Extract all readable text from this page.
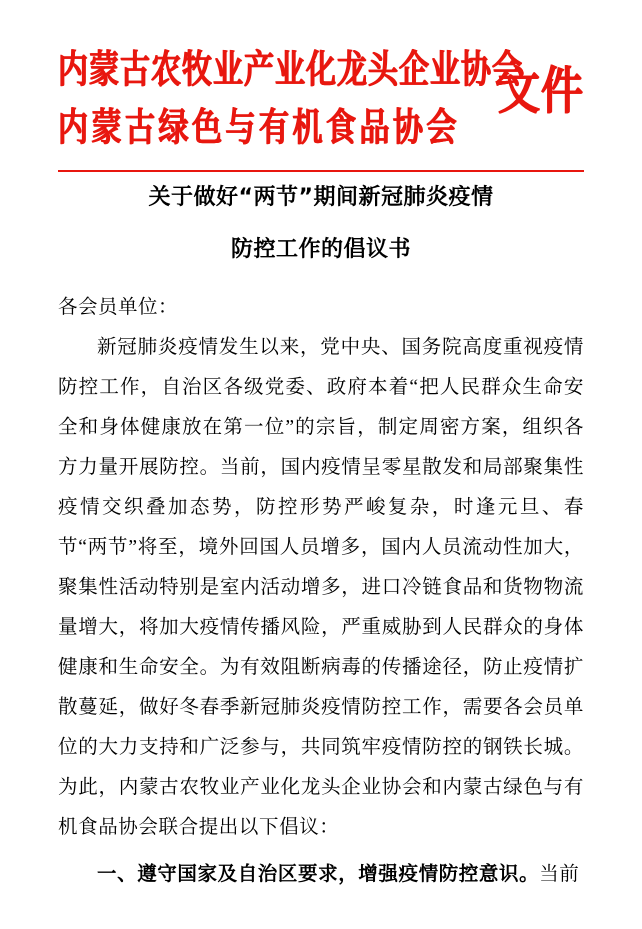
内蒙古农牧业产业化龙头企业协会
内蒙古绿色与有机食品协会
文件
关于做好“两节”期间新冠肺炎疫情
防控工作的倡议书
各会员单位：

新冠肺炎疫情发生以来，党中央、国务院高度重视疫情防控工作，自治区各级党委、政府本着“把人民群众生命安全和身体健康放在第一位”的宗旨，制定周密方案，组织各方力量开展防控。当前，国内疫情呈零星散发和局部聚集性疫情交织叠加态势，防控形势严峻复杂，时逢元旦、春节“两节”将至，境外回国人员增多，国内人员流动性加大，聚集性活动特别是室内活动增多，进口冷链食品和货物物流量增大，将加大疫情传播风险，严重威胁到人民群众的身体健康和生命安全。为有效阻断病毒的传播途径，防止疫情扩散蔓延，做好冬春季新冠肺炎疫情防控工作，需要各会员单位的大力支持和广泛参与，共同筑牢疫情防控的钢铁长城。为此，内蒙古农牧业产业化龙头企业协会和内蒙古绿色与有机食品协会联合提出以下倡议：

一、遵守国家及自治区要求，增强疫情防控意识。当前
